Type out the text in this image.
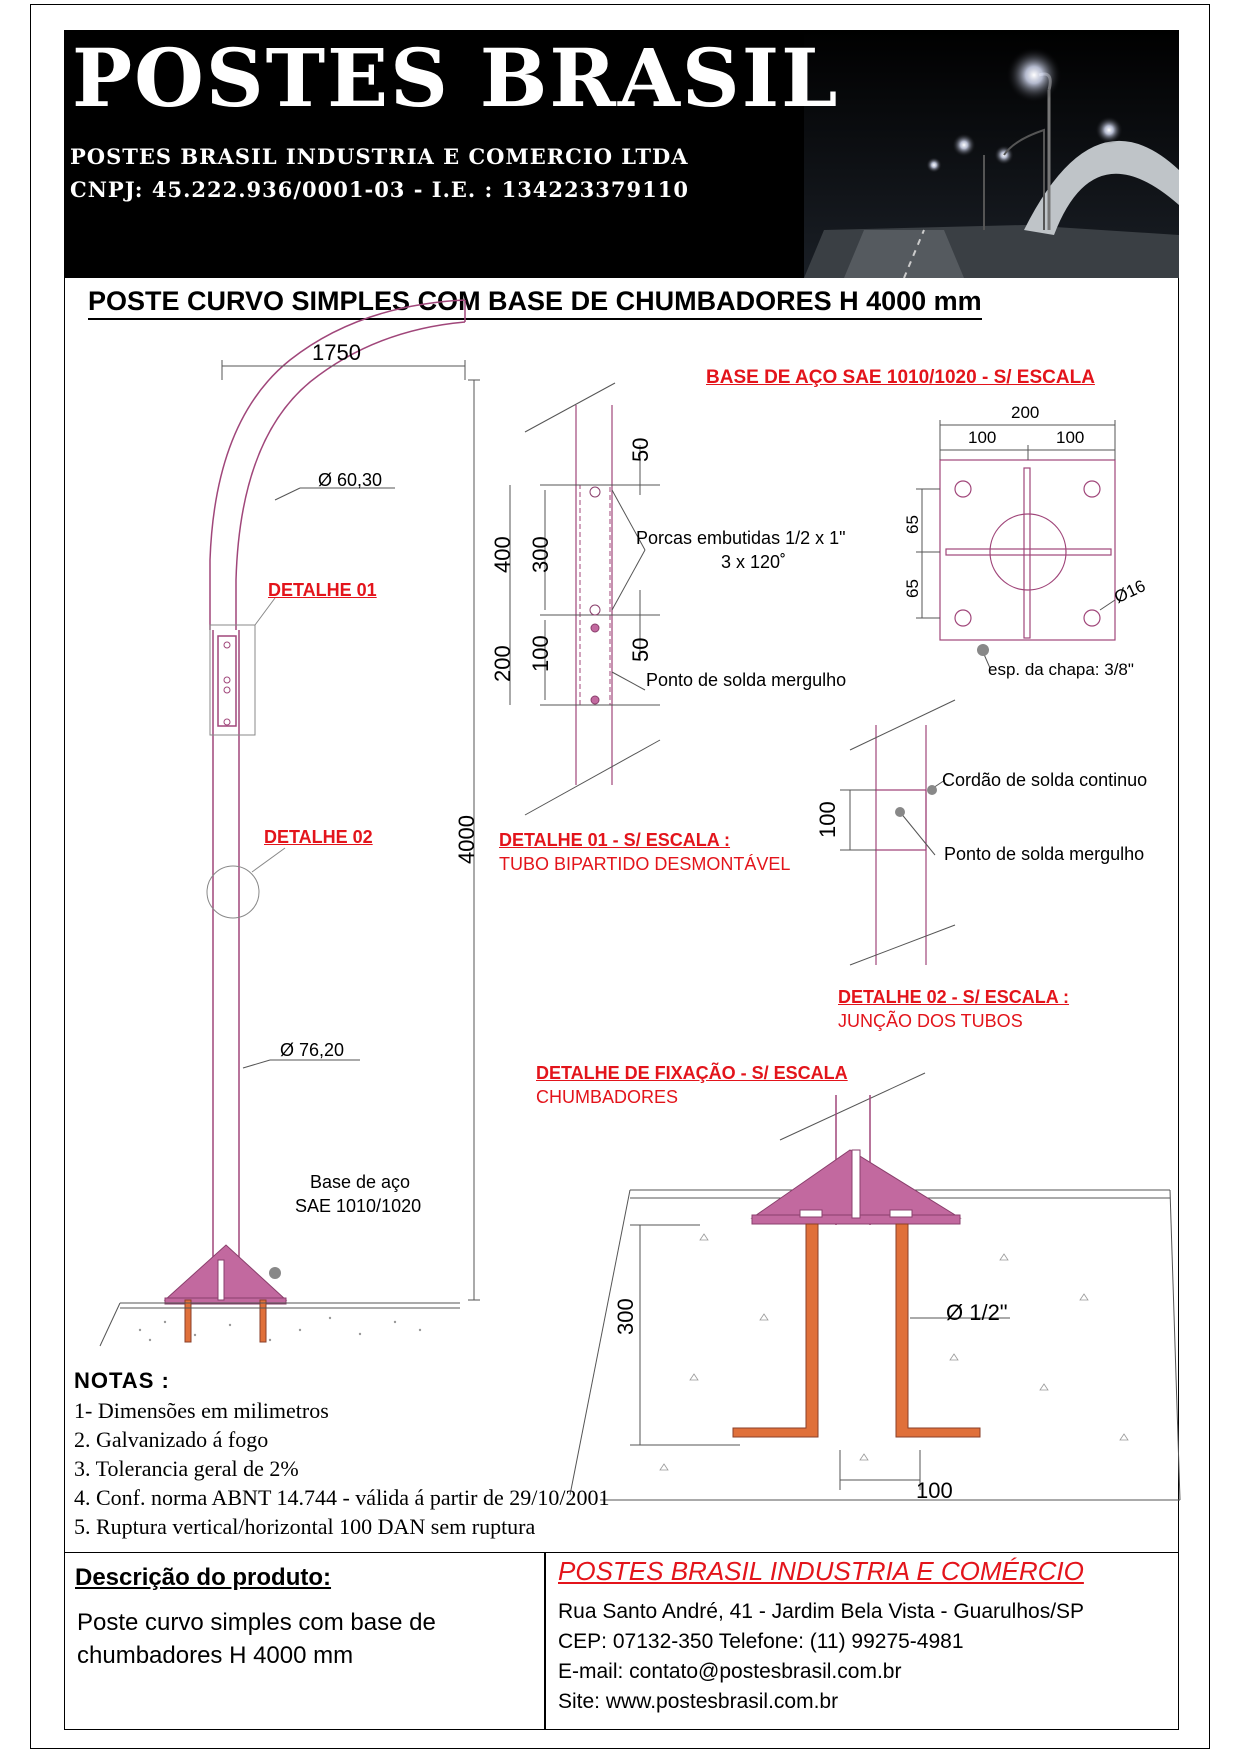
POSTES BRASIL
POSTES BRASIL INDUSTRIA E COMERCIO LTDA
CNPJ: 45.222.936/0001-03 - I.E. : 134223379110
POSTE CURVO SIMPLES COM BASE DE CHUMBADORES H 4000 mm
1750
Ø 60,30
DETALHE 01
DETALHE 02	4000
Ø 76,20
Base de aço
SAE 1010/1020
50
400 300
200 100	50
Porcas embutidas 1/2 x 1"
3 x 120˚
Ponto de solda mergulho
DETALHE 01 - S/ ESCALA :
TUBO BIPARTIDO DESMONTÁVEL
BASE DE AÇO SAE 1010/1020 - S/ ESCALA
200
100	100
65
65	Ø16
esp. da chapa: 3/8"
Cordão de solda continuo
Ponto de solda mergulho
100
DETALHE 02 - S/ ESCALA :
JUNÇÃO DOS TUBOS
DETALHE DE FIXAÇÃO - S/ ESCALA
CHUMBADORES
300	Ø 1/2"
100
NOTAS :
1- Dimensões em milimetros
2. Galvanizado á fogo
3. Tolerancia geral de 2%
4. Conf. norma ABNT 14.744 - válida á partir de 29/10/2001
5. Ruptura vertical/horizontal 100 DAN sem ruptura
Descrição do produto:
Poste curvo simples com base de chumbadores H 4000 mm
POSTES BRASIL INDUSTRIA E COMÉRCIO
Rua Santo André, 41 - Jardim Bela Vista - Guarulhos/SP
CEP: 07132-350 Telefone: (11) 99275-4981
E-mail: contato@postesbrasil.com.br
Site: www.postesbrasil.com.br
